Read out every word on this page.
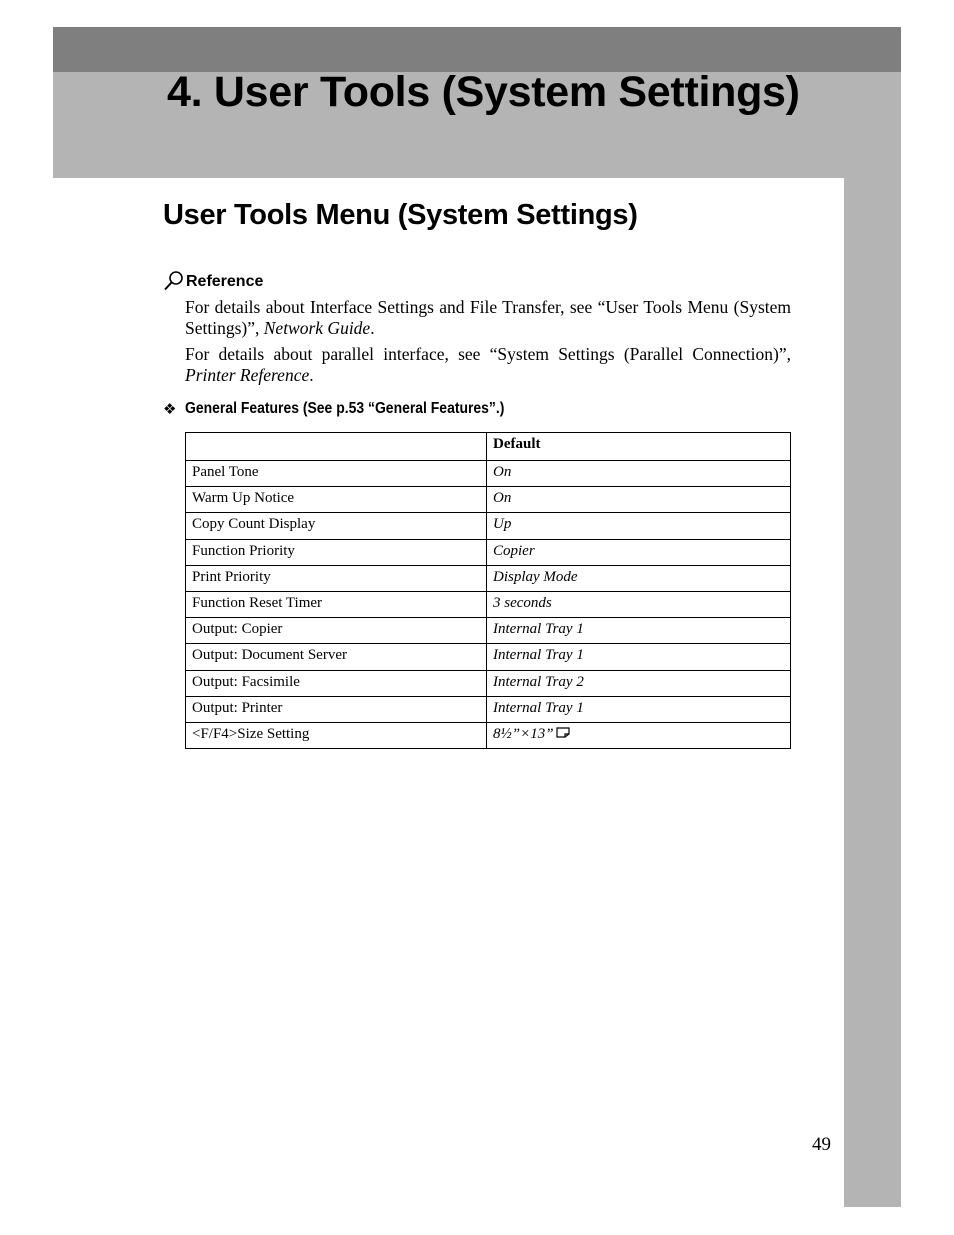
4. User Tools (System Settings)
User Tools Menu (System Settings)
Reference

For details about Interface Settings and File Transfer, see “User Tools Menu (System Settings)”, Network Guide.

For details about parallel interface, see “System Settings (Parallel Connection)”, Printer Reference.

❖ General Features (See p.53 “General Features”.)
	Default
Panel Tone	On
Warm Up Notice	On
Copy Count Display	Up
Function Priority	Copier
Print Priority	Display Mode
Function Reset Timer	3 seconds
Output: Copier	Internal Tray 1
Output: Document Server	Internal Tray 1
Output: Facsimile	Internal Tray 2
Output: Printer	Internal Tray 1
<F/F4>Size Setting	8½”×13”
49
